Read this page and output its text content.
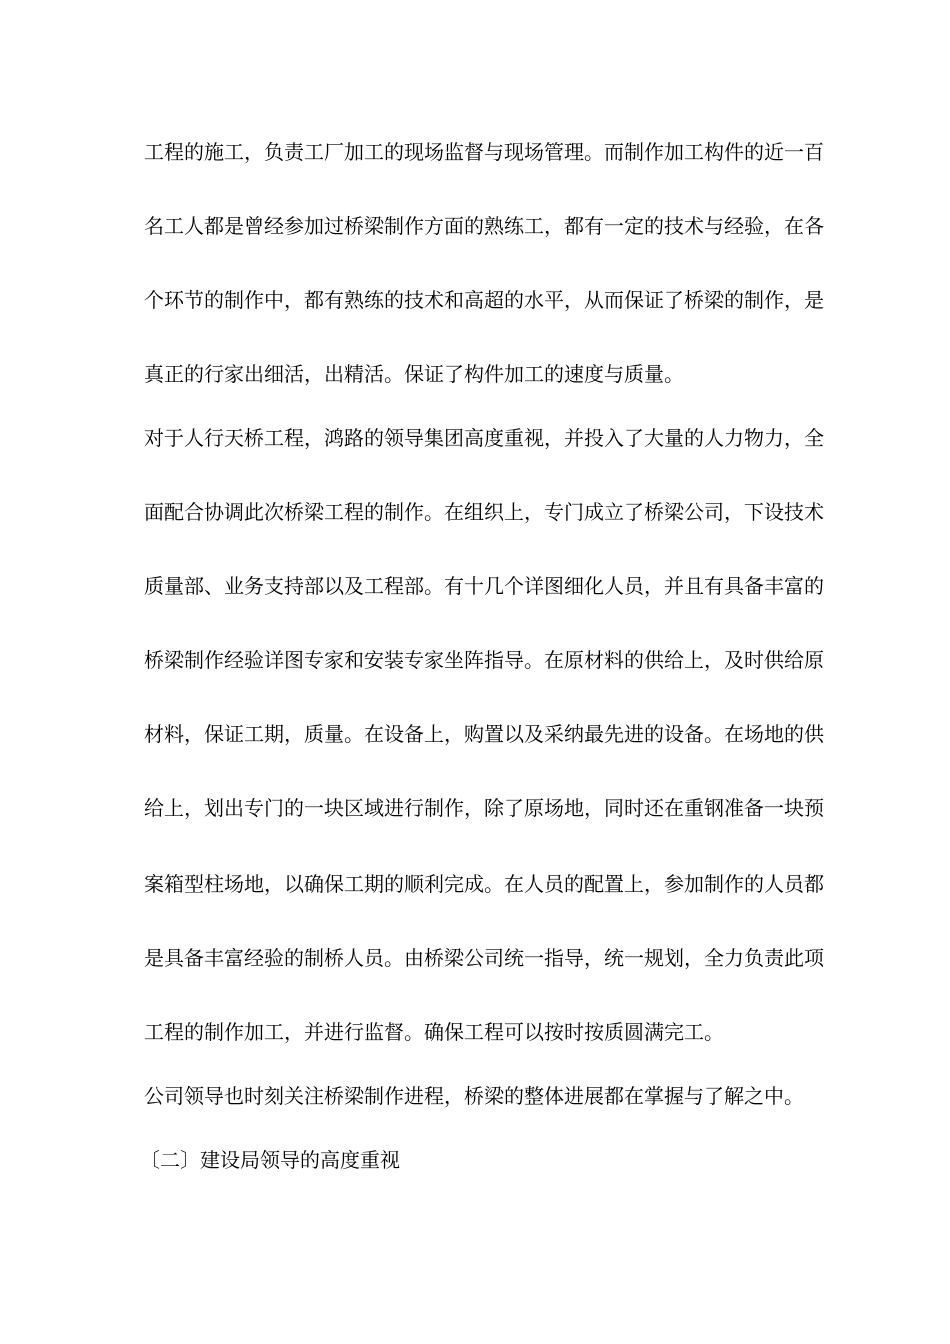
工程的施工，负责工厂加工的现场监督与现场管理。而制作加工构件的近一百
名工人都是曾经参加过桥梁制作方面的熟练工，都有一定的技术与经验，在各
个环节的制作中，都有熟练的技术和高超的水平，从而保证了桥梁的制作，是
真正的行家出细活，出精活。保证了构件加工的速度与质量。
对于人行天桥工程，鸿路的领导集团高度重视，并投入了大量的人力物力，全
面配合协调此次桥梁工程的制作。在组织上，专门成立了桥梁公司，下设技术
质量部、业务支持部以及工程部。有十几个详图细化人员，并且有具备丰富的
桥梁制作经验详图专家和安装专家坐阵指导。在原材料的供给上，及时供给原
材料，保证工期，质量。在设备上，购置以及采纳最先进的设备。在场地的供
给上，划出专门的一块区域进行制作，除了原场地，同时还在重钢准备一块预
案箱型柱场地，以确保工期的顺利完成。在人员的配置上，参加制作的人员都
是具备丰富经验的制桥人员。由桥梁公司统一指导，统一规划，全力负责此项
工程的制作加工，并进行监督。确保工程可以按时按质圆满完工。
公司领导也时刻关注桥梁制作进程，桥梁的整体进展都在掌握与了解之中。
〔二〕建设局领导的高度重视
